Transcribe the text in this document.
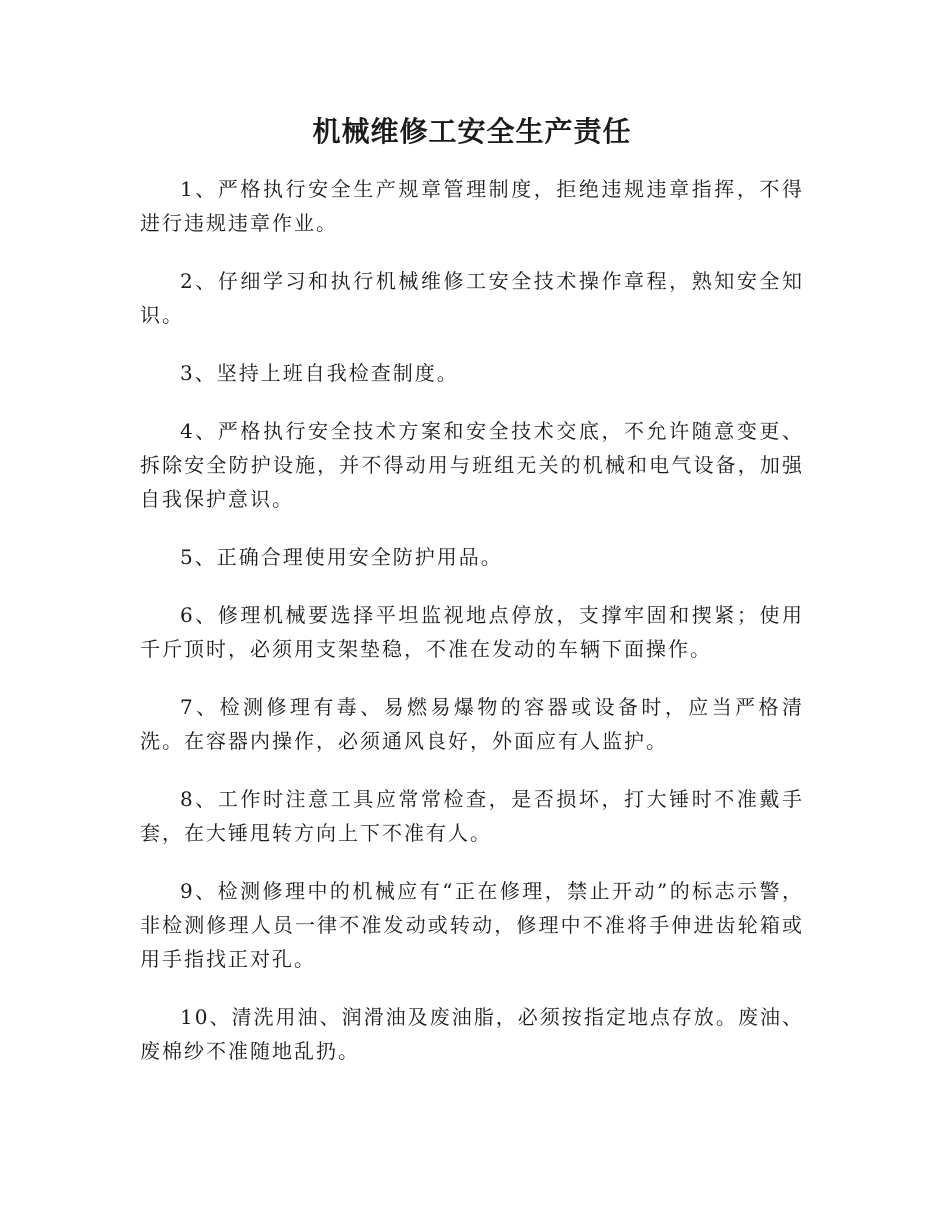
机械维修工安全生产责任

1、严格执行安全生产规章管理制度，拒绝违规违章指挥，不得进行违规违章作业。

2、仔细学习和执行机械维修工安全技术操作章程，熟知安全知识。

3、坚持上班自我检查制度。

4、严格执行安全技术方案和安全技术交底，不允许随意变更、拆除安全防护设施，并不得动用与班组无关的机械和电气设备，加强自我保护意识。

5、正确合理使用安全防护用品。

6、修理机械要选择平坦监视地点停放，支撑牢固和揳紧；使用千斤顶时，必须用支架垫稳，不准在发动的车辆下面操作。

7、检测修理有毒、易燃易爆物的容器或设备时，应当严格清洗。在容器内操作，必须通风良好，外面应有人监护。

8、工作时注意工具应常常检查，是否损坏，打大锤时不准戴手套，在大锤甩转方向上下不准有人。

9、检测修理中的机械应有“正在修理，禁止开动”的标志示警，非检测修理人员一律不准发动或转动，修理中不准将手伸进齿轮箱或用手指找正对孔。

10、清洗用油、润滑油及废油脂，必须按指定地点存放。废油、废棉纱不准随地乱扔。
